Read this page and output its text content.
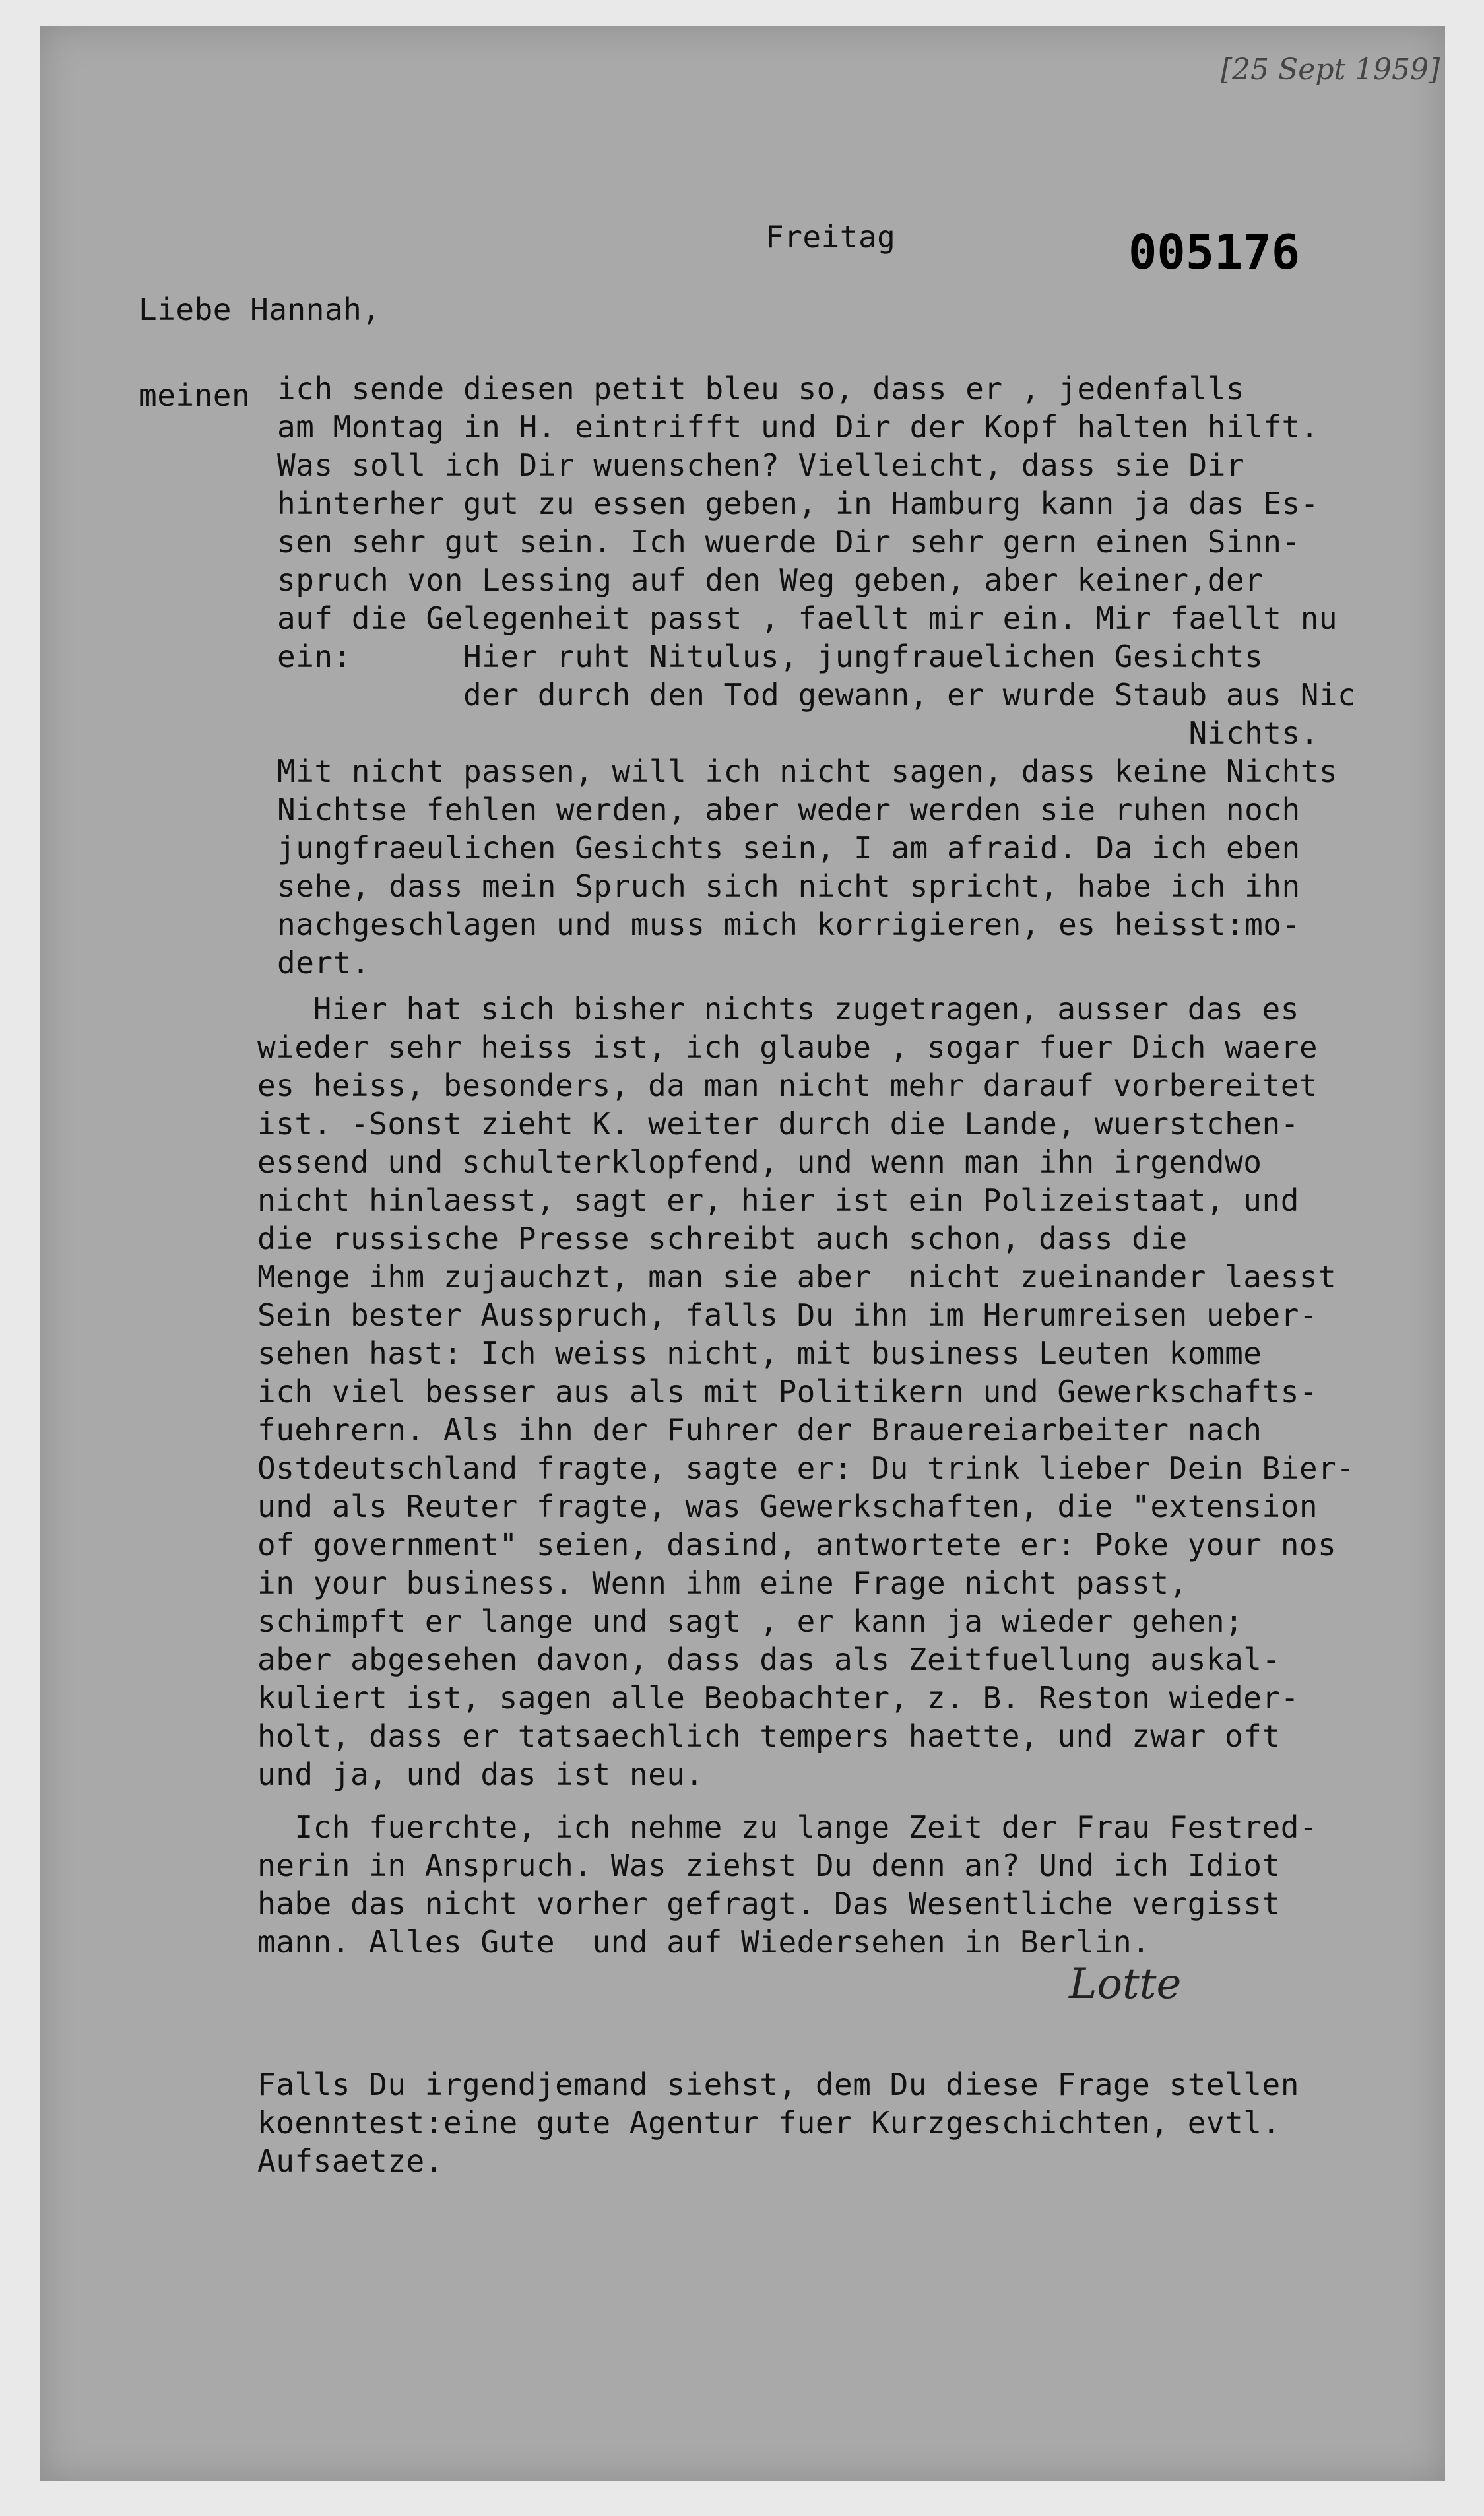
[25 Sept 1959]
Freitag	005176
Liebe Hannah,
meinen ich sende diesen petit bleu so, dass er , jedenfalls
am Montag in H. eintrifft und Dir der Kopf halten hilft.
Was soll ich Dir wuenschen? Vielleicht, dass sie Dir
hinterher gut zu essen geben, in Hamburg kann ja das Es-
sen sehr gut sein. Ich wuerde Dir sehr gern einen Sinn-
spruch von Lessing auf den Weg geben, aber keiner,der
auf die Gelegenheit passt , faellt mir ein. Mir faellt nu
ein:      Hier ruht Nitulus, jungfrauelichen Gesichts
der durch den Tod gewann, er wurde Staub aus Nic
Nichts.
Mit nicht passen, will ich nicht sagen, dass keine Nichts
Nichtse fehlen werden, aber weder werden sie ruhen noch
jungfraeulichen Gesichts sein, I am afraid. Da ich eben
sehe, dass mein Spruch sich nicht spricht, habe ich ihn
nachgeschlagen und muss mich korrigieren, es heisst:mo-
dert.
Hier hat sich bisher nichts zugetragen, ausser das es
wieder sehr heiss ist, ich glaube , sogar fuer Dich waere
es heiss, besonders, da man nicht mehr darauf vorbereitet
ist. -Sonst zieht K. weiter durch die Lande, wuerstchen-
essend und schulterklopfend, und wenn man ihn irgendwo
nicht hinlaesst, sagt er, hier ist ein Polizeistaat, und
die russische Presse schreibt auch schon, dass die
Menge ihm zujauchzt, man sie aber  nicht zueinander laesst
Sein bester Ausspruch, falls Du ihn im Herumreisen ueber-
sehen hast: Ich weiss nicht, mit business Leuten komme
ich viel besser aus als mit Politikern und Gewerkschafts-
fuehrern. Als ihn der Fuhrer der Brauereiarbeiter nach
Ostdeutschland fragte, sagte er: Du trink lieber Dein Bier-
und als Reuter fragte, was Gewerkschaften, die "extension
of government" seien, dasind, antwortete er: Poke your nos
in your business. Wenn ihm eine Frage nicht passt,
schimpft er lange und sagt , er kann ja wieder gehen;
aber abgesehen davon, dass das als Zeitfuellung auskal-
kuliert ist, sagen alle Beobachter, z. B. Reston wieder-
holt, dass er tatsaechlich tempers haette, und zwar oft
und ja, und das ist neu.
Ich fuerchte, ich nehme zu lange Zeit der Frau Festred-
nerin in Anspruch. Was ziehst Du denn an? Und ich Idiot
habe das nicht vorher gefragt. Das Wesentliche vergisst
mann. Alles Gute  und auf Wiedersehen in Berlin.
Lotte
Falls Du irgendjemand siehst, dem Du diese Frage stellen
koenntest:eine gute Agentur fuer Kurzgeschichten, evtl.
Aufsaetze.
